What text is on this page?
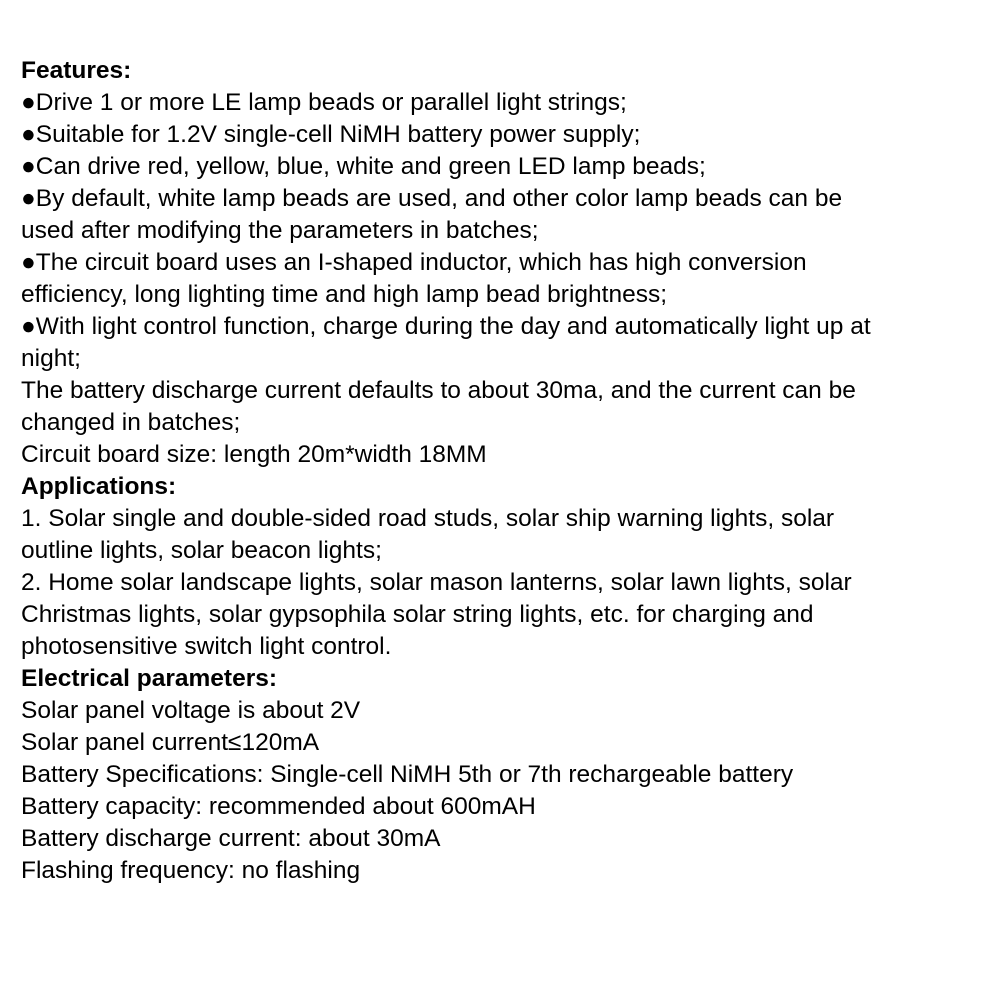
Features:
●Drive 1 or more LE lamp beads or parallel light strings;
●Suitable for 1.2V single-cell NiMH battery power supply;
●Can drive red, yellow, blue, white and green LED lamp beads;
●By default, white lamp beads are used, and other color lamp beads can be
used after modifying the parameters in batches;
●The circuit board uses an I-shaped inductor, which has high conversion
efficiency, long lighting time and high lamp bead brightness;
●With light control function, charge during the day and automatically light up at
night;
The battery discharge current defaults to about 30ma, and the current can be
changed in batches;
Circuit board size: length 20m*width 18MM
Applications:
1. Solar single and double-sided road studs, solar ship warning lights, solar
outline lights, solar beacon lights;
2. Home solar landscape lights, solar mason lanterns, solar lawn lights, solar
Christmas lights, solar gypsophila solar string lights, etc. for charging and
photosensitive switch light control.
Electrical parameters:
Solar panel voltage is about 2V
Solar panel current≤120mA
Battery Specifications: Single-cell NiMH 5th or 7th rechargeable battery
Battery capacity: recommended about 600mAH
Battery discharge current: about 30mA
Flashing frequency: no flashing
